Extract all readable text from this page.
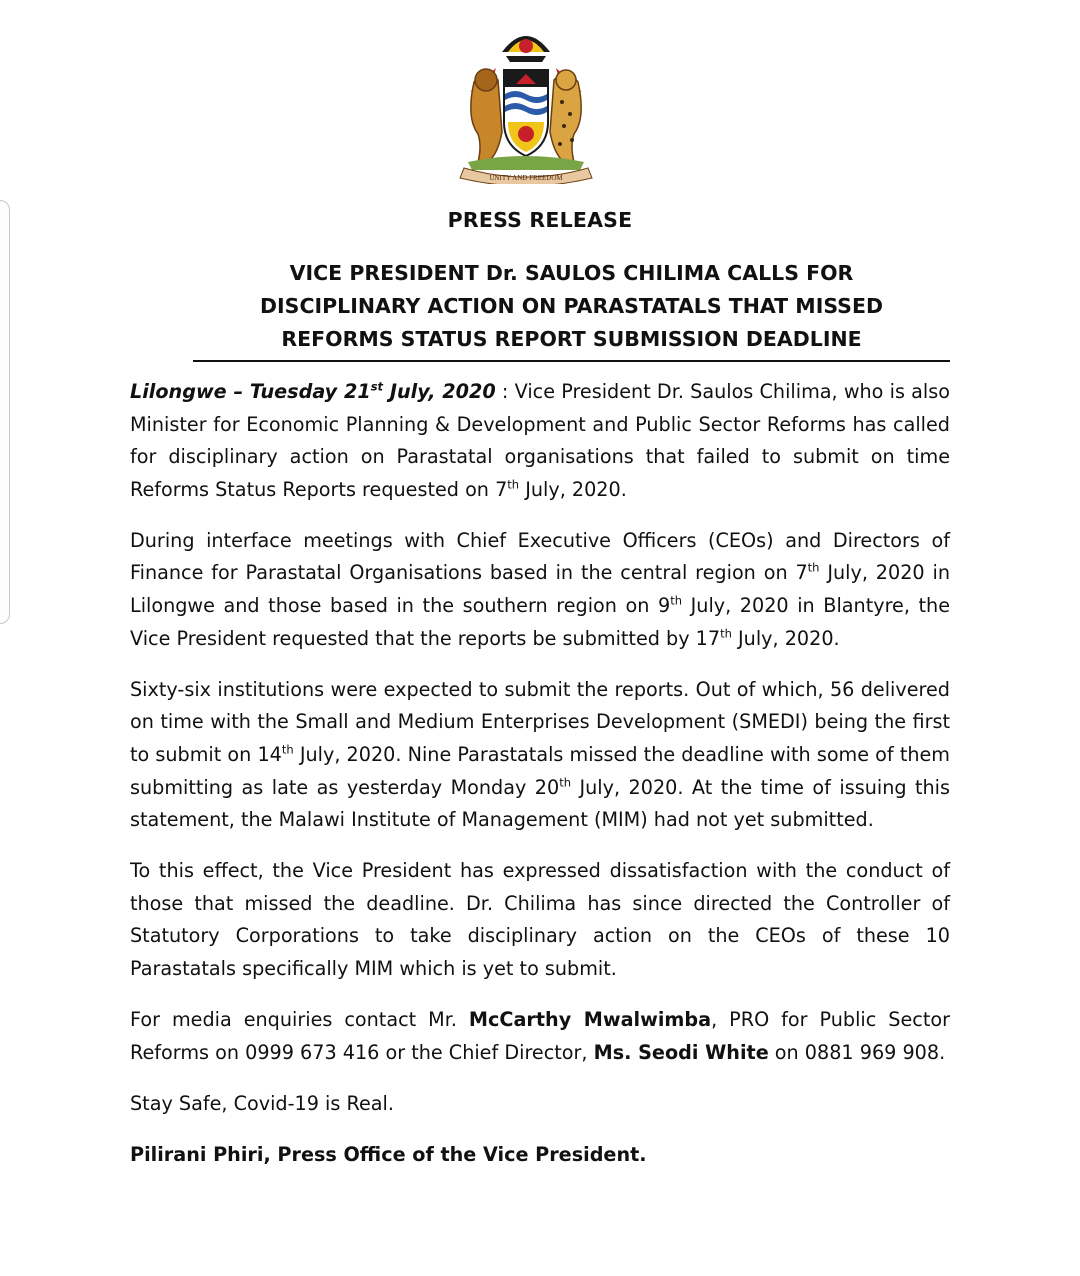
UNITY AND FREEDOM
PRESS RELEASE
VICE PRESIDENT Dr. SAULOS CHILIMA CALLS FOR
DISCIPLINARY ACTION ON PARASTATALS THAT MISSED
REFORMS STATUS REPORT SUBMISSION DEADLINE

Lilongwe – Tuesday 21st July, 2020 : Vice President Dr. Saulos Chilima, who is also Minister for Economic Planning & Development and Public Sector Reforms has called for disciplinary action on Parastatal organisations that failed to submit on time Reforms Status Reports requested on 7th July, 2020.

During interface meetings with Chief Executive Officers (CEOs) and Directors of Finance for Parastatal Organisations based in the central region on 7th July, 2020 in Lilongwe and those based in the southern region on 9th July, 2020 in Blantyre, the Vice President requested that the reports be submitted by 17th July, 2020.

Sixty-six institutions were expected to submit the reports. Out of which, 56 delivered on time with the Small and Medium Enterprises Development (SMEDI) being the first to submit on 14th July, 2020. Nine Parastatals missed the deadline with some of them submitting as late as yesterday Monday 20th July, 2020. At the time of issuing this statement, the Malawi Institute of Management (MIM) had not yet submitted.

To this effect, the Vice President has expressed dissatisfaction with the conduct of those that missed the deadline. Dr. Chilima has since directed the Controller of Statutory Corporations to take disciplinary action on the CEOs of these 10 Parastatals specifically MIM which is yet to submit.

For media enquiries contact Mr. McCarthy Mwalwimba, PRO for Public Sector Reforms on 0999 673 416 or the Chief Director, Ms. Seodi White on 0881 969 908.

Stay Safe, Covid-19 is Real.

Pilirani Phiri, Press Office of the Vice President.
